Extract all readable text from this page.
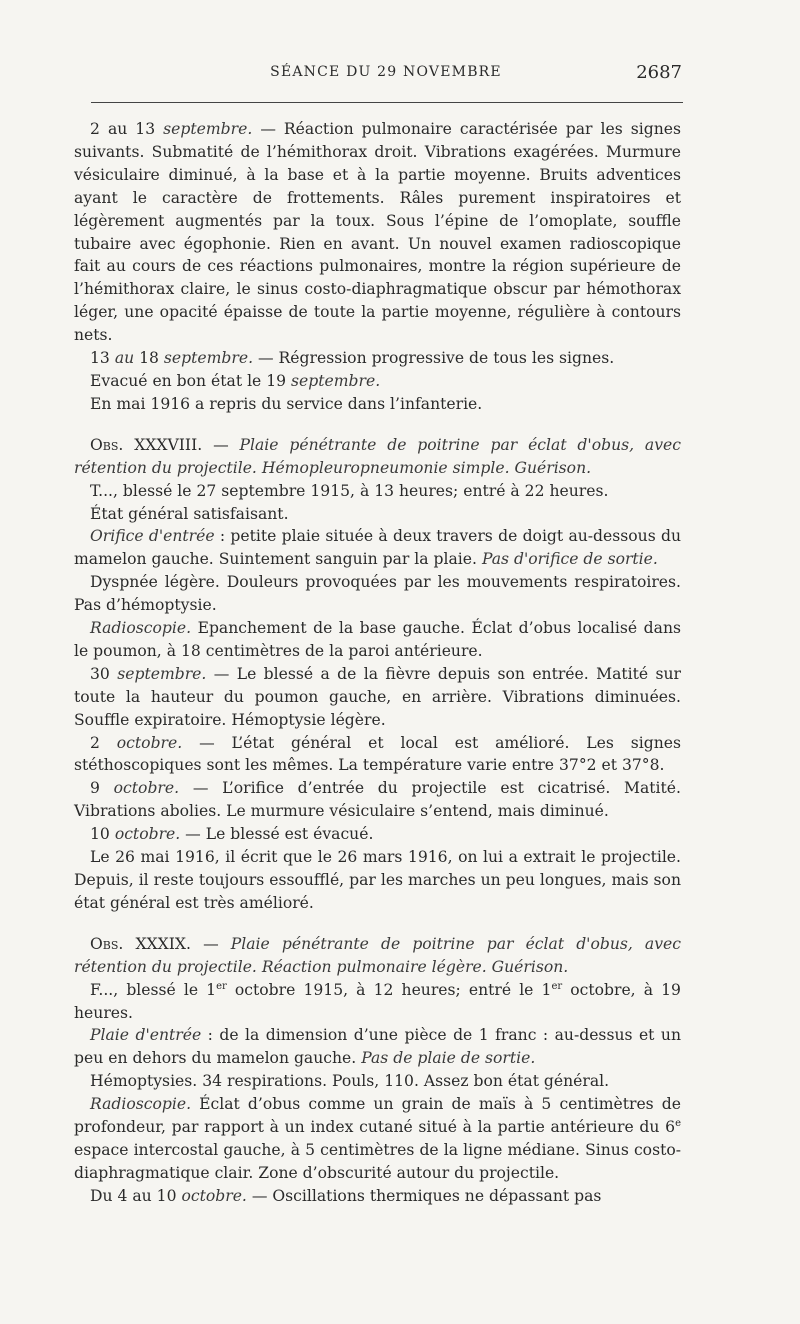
SÉANCE DU 29 NOVEMBRE	2687

2 au 13 septembre. — Réaction pulmonaire caractérisée par les signes suivants. Submatité de l’hémithorax droit. Vibrations exagérées. Murmure vésiculaire diminué, à la base et à la partie moyenne. Bruits adventices ayant le caractère de frottements. Râles purement inspiratoires et légèrement augmentés par la toux. Sous l’épine de l’omoplate, souffle tubaire avec égophonie. Rien en avant. Un nouvel examen radioscopique fait au cours de ces réactions pulmonaires, montre la région supérieure de l’hémithorax claire, le sinus costo-diaphragmatique obscur par hémothorax léger, une opacité épaisse de toute la partie moyenne, régulière à contours nets.

13 au 18 septembre. — Régression progressive de tous les signes.

Evacué en bon état le 19 septembre.

En mai 1916 a repris du service dans l’infanterie.

Obs. XXXVIII. — Plaie pénétrante de poitrine par éclat d'obus, avec rétention du projectile. Hémopleuropneumonie simple. Guérison.

T..., blessé le 27 septembre 1915, à 13 heures; entré à 22 heures.

État général satisfaisant.

Orifice d'entrée : petite plaie située à deux travers de doigt au-dessous du mamelon gauche. Suintement sanguin par la plaie. Pas d'orifice de sortie.

Dyspnée légère. Douleurs provoquées par les mouvements respiratoires. Pas d’hémoptysie.

Radioscopie. Epanchement de la base gauche. Éclat d’obus localisé dans le poumon, à 18 centimètres de la paroi antérieure.

30 septembre. — Le blessé a de la fièvre depuis son entrée. Matité sur toute la hauteur du poumon gauche, en arrière. Vibrations diminuées. Souffle expiratoire. Hémoptysie légère.

2 octobre. — L’état général et local est amélioré. Les signes stéthoscopiques sont les mêmes. La température varie entre 37°2 et 37°8.

9 octobre. — L’orifice d’entrée du projectile est cicatrisé. Matité. Vibrations abolies. Le murmure vésiculaire s’entend, mais diminué.

10 octobre. — Le blessé est évacué.

Le 26 mai 1916, il écrit que le 26 mars 1916, on lui a extrait le projectile. Depuis, il reste toujours essoufflé, par les marches un peu longues, mais son état général est très amélioré.

Obs. XXXIX. — Plaie pénétrante de poitrine par éclat d'obus, avec rétention du projectile. Réaction pulmonaire légère. Guérison.

F..., blessé le 1er octobre 1915, à 12 heures; entré le 1er octobre, à 19 heures.

Plaie d'entrée : de la dimension d’une pièce de 1 franc : au-dessus et un peu en dehors du mamelon gauche. Pas de plaie de sortie.

Hémoptysies. 34 respirations. Pouls, 110. Assez bon état général.

Radioscopie. Éclat d’obus comme un grain de maïs à 5 centimètres de profondeur, par rapport à un index cutané situé à la partie antérieure du 6e espace intercostal gauche, à 5 centimètres de la ligne médiane. Sinus costo-diaphragmatique clair. Zone d’obscurité autour du projectile.

Du 4 au 10 octobre. — Oscillations thermiques ne dépassant pas
